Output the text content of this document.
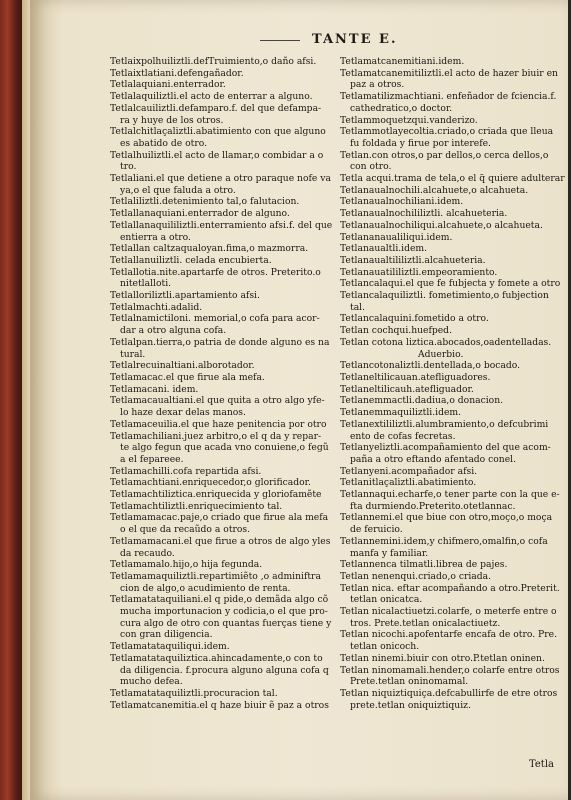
TANTE E.
Tetlaixpolhuiliztli.defTruimiento,o daño afsi.
Tetlaixtlatiani.defengañador.
Tetlalaquiani.enterrador.
Tetlalaquiliztli.el acto de enterrar a alguno.
Tetlalcauiliztli.defamparo.f. del que defampa-
ra y huye de los otros.
Tetlalchitlaçaliztli.abatimiento con que alguno
es abatido de otro.
Tetlalhuiliztli.el acto de llamar,o combidar a o
tro.
Tetlaliani.el que detiene a otro paraque nofe va
ya,o el que faluda a otro.
Tetlaliliztli.detenimiento tal,o falutacion.
Tetlallanaquiani.enterrador de alguno.
Tetlallanaquililiztli.enterramiento afsi.f. del que
entierra a otro.
Tetlallan caltzaqualoyan.fima,o mazmorra.
Tetlallanuiliztli. celada encubierta.
Tetlallotia.nite.apartarfe de otros. Preterito.o
nitetlalloti.
Tetlalloriliztli.apartamiento afsi.
Tetlalmachti.adalid.
Tetlalnamictiloni. memorial,o cofa para acor-
dar a otro alguna cofa.
Tetlalpan.tierra,o patria de donde alguno es na
tural.
Tetlalrecuinaltiani.alborotador.
Tetlamacac.el que firue ala mefa.
Tetlamacani. idem.
Tetlamacaualtiani.el que quita a otro algo yfe-
lo haze dexar delas manos.
Tetlamaceuilia.el que haze penitencia por otro
Tetlamachiliani.juez arbitro,o el q da y repar-
te algo fegun que acada vno conuiene,o fegũ
a el fepareee.
Tetlamachilli.cofa repartida afsi.
Tetlamachtiani.enriquecedor,o glorificador.
Tetlamachtiliztica.enriquecida y gloriofamẽte
Tetlamachtiliztli.enriquecimiento tal.
Tetlamamacac.paje,o criado que firue ala mefa
o el que da recaũdo a otros.
Tetlamamacani.el que firue a otros de algo yles
da recaudo.
Tetlamamalo.hijo,o hija fegunda.
Tetlamamaquiliztli.repartimiẽto ,o adminiftra
cion de algo,o acudimiento de renta.
Tetlamatataquiliani.el q pide,o demãda algo cõ
mucha importunacion y codicia,o el que pro-
cura algo de otro con quantas fuerças tiene y
con gran diligencia.
Tetlamatataquiliqui.idem.
Tetlamatataquiliztica.ahincadamente,o con to
da diligencia. f.procura alguno alguna cofa q
mucho defea.
Tetlamatataquiliztli.procuracion tal.
Tetlamatcanemitia.el q haze biuir ẽ paz a otros
Tetlamatcanemitiani.idem.
Tetlamatcanemitiliztli.el acto de hazer biuir en
paz a otros.
Tetlamatilizmachtiani. enfeñador de fciencia.f.
cathedratico,o doctor.
Tetlammoquetzqui.vanderizo.
Tetlammotlayecoltia.criado,o criada que lleua
fu foldada y firue por interefe.
Tetlan.con otros,o par dellos,o cerca dellos,o
con otro.
Tetla acqui.trama de tela,o el q̃ quiere adulterar
Tetlanaualnochili.alcahuete,o alcahueta.
Tetlanaualnochiliani.idem.
Tetlanaualnochililiztli. alcahueteria.
Tetlanaualnochiliqui.alcahuete,o alcahueta.
Tetlananaualiliqui.idem.
Tetlanaualtli.idem.
Tetlanaualtililiztli.alcahueteria.
Tetlanauatililiztli.empeoramiento.
Tetlancalaqui.el que fe fubjecta y fomete a otro
Tetlancalaquiliztli. fometimiento,o fubjection
tal.
Tetlancalaquini.fometido a otro.
Tetlan cochqui.huefped.
Tetlan cotona liztica.abocados,oadentelladas.
Aduerbio.
Tetlancotonaliztli.dentellada,o bocado.
Tetlaneltilicauan.atefliguadores.
Tetlaneltilicauh.atefliguador.
Tetlanemmactli.dadiua,o donacion.
Tetlanemmaquiliztli.idem.
Tetlanextililiztli.alumbramiento,o defcubrimi
ento de cofas fecretas.
Tetlanyeliztli.acompañamiento del que acom-
paña a otro eftando afentado conel.
Tetlanyeni.acompañador afsi.
Tetlanitlaçaliztli.abatimiento.
Tetlannaqui.echarfe,o tener parte con la que e-
fta durmiendo.Preterito.otetlannac.
Tetlannemi.el que biue con otro,moço,o moça
de feruicio.
Tetlannemini.idem,y chifmero,omalfin,o cofa
manfa y familiar.
Tetlannenca tilmatli.librea de pajes.
Tetlan nenenqui.criado,o criada.
Tetlan nica. eftar acompañando a otro.Preterit.
tetlan onicatca.
Tetlan nicalactiuetzi.colarfe, o meterfe entre o
tros. Prete.tetlan onicalactiuetz.
Tetlan nicochi.apofentarfe encafa de otro. Pre.
tetlan onicoch.
Tetlan ninemi.biuir con otro.P.tetlan oninen.
Tetlan ninomamali.hender,o colarfe entre otros
Prete.tetlan oninomamal.
Tetlan niquiztiquiça.defcabullirfe de etre otros
prete.tetlan oniquiztiquiz.
Tetla
